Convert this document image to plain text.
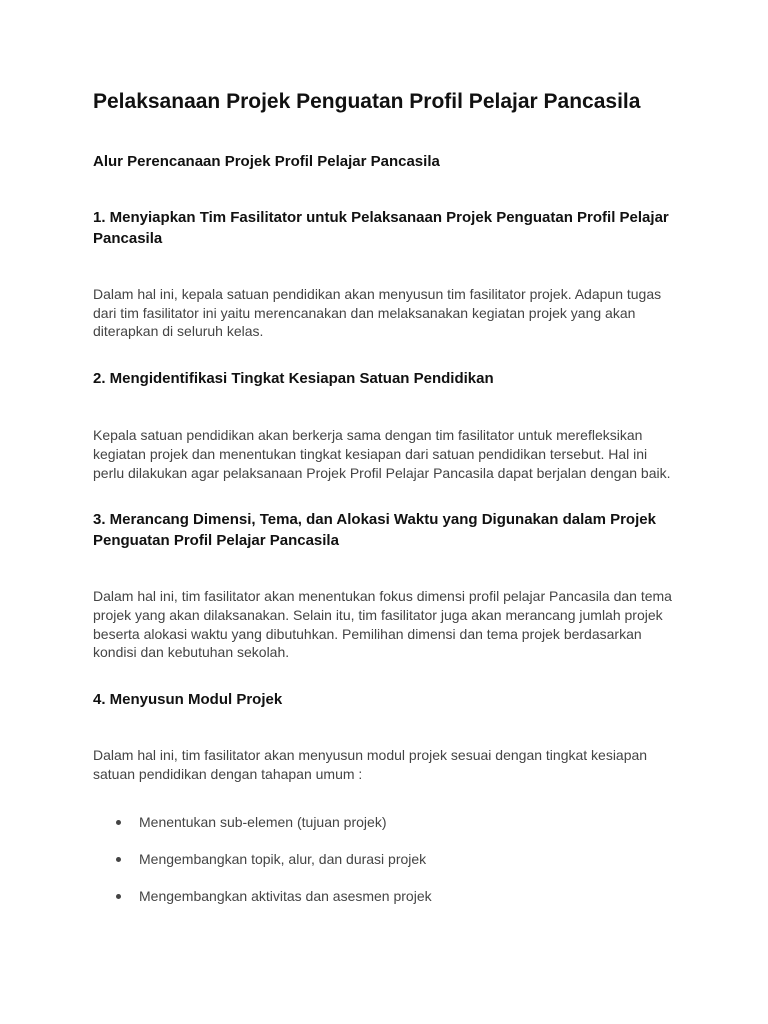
Pelaksanaan Projek Penguatan Profil Pelajar Pancasila
Alur Perencanaan Projek Profil Pelajar Pancasila
1. Menyiapkan Tim Fasilitator untuk Pelaksanaan Projek Penguatan Profil Pelajar Pancasila

Dalam hal ini, kepala satuan pendidikan akan menyusun tim fasilitator projek. Adapun tugas dari tim fasilitator ini yaitu merencanakan dan melaksanakan kegiatan projek yang akan diterapkan di seluruh kelas.

2. Mengidentifikasi Tingkat Kesiapan Satuan Pendidikan

Kepala satuan pendidikan akan berkerja sama dengan tim fasilitator untuk merefleksikan kegiatan projek dan menentukan tingkat kesiapan dari satuan pendidikan tersebut. Hal ini perlu dilakukan agar pelaksanaan Projek Profil Pelajar Pancasila dapat berjalan dengan baik.

3. Merancang Dimensi, Tema, dan Alokasi Waktu yang Digunakan dalam Projek Penguatan Profil Pelajar Pancasila

Dalam hal ini, tim fasilitator akan menentukan fokus dimensi profil pelajar Pancasila dan tema projek yang akan dilaksanakan. Selain itu, tim fasilitator juga akan merancang jumlah projek beserta alokasi waktu yang dibutuhkan. Pemilihan dimensi dan tema projek berdasarkan kondisi dan kebutuhan sekolah.

4. Menyusun Modul Projek

Dalam hal ini, tim fasilitator akan menyusun modul projek sesuai dengan tingkat kesiapan satuan pendidikan dengan tahapan umum :

Menentukan sub-elemen (tujuan projek)
Mengembangkan topik, alur, dan durasi projek
Mengembangkan aktivitas dan asesmen projek
